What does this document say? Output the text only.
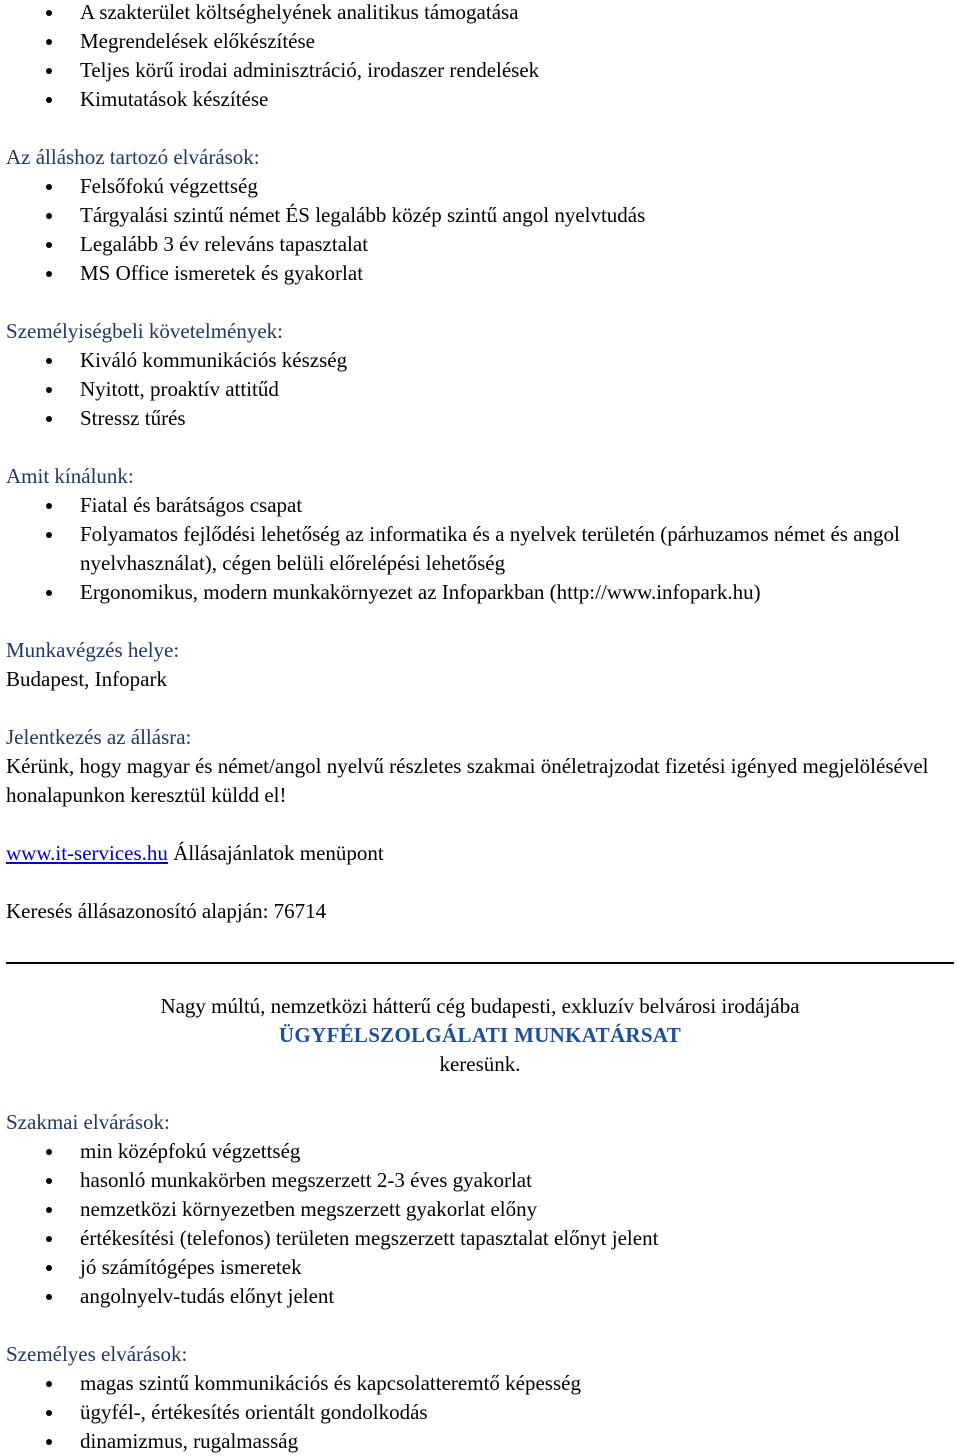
A szakterület költséghelyének analitikus támogatása
Megrendelések előkészítése
Teljes körű irodai adminisztráció, irodaszer rendelések
Kimutatások készítése
Az álláshoz tartozó elvárások:
Felsőfokú végzettség
Tárgyalási szintű német ÉS legalább közép szintű angol nyelvtudás
Legalább 3 év releváns tapasztalat
MS Office ismeretek és gyakorlat
Személyiségbeli követelmények:
Kiváló kommunikációs készség
Nyitott, proaktív attitűd
Stressz tűrés
Amit kínálunk:
Fiatal és barátságos csapat
Folyamatos fejlődési lehetőség az informatika és a nyelvek területén (párhuzamos német és angol nyelvhasználat), cégen belüli előrelépési lehetőség
Ergonomikus, modern munkakörnyezet az Infoparkban (http://www.infopark.hu)
Munkavégzés helye:
Budapest, Infopark
Jelentkezés az állásra:
Kérünk, hogy magyar és német/angol nyelvű részletes szakmai önéletrajzodat fizetési igényed megjelölésével honalapunkon keresztül küldd el!
www.it-services.hu Állásajánlatok menüpont
Keresés állásazonosító alapján: 76714
Nagy múltú, nemzetközi hátterű cég budapesti, exkluzív belvárosi irodájába
ÜGYFÉLSZOLGÁLATI MUNKATÁRSAT
keresünk.
Szakmai elvárások:
min középfokú végzettség
hasonló munkakörben megszerzett 2-3 éves gyakorlat
nemzetközi környezetben megszerzett gyakorlat előny
értékesítési (telefonos) területen megszerzett tapasztalat előnyt jelent
jó számítógépes ismeretek
angolnyelv-tudás előnyt jelent
Személyes elvárások:
magas szintű kommunikációs és kapcsolatteremtő képesség
ügyfél-, értékesítés orientált gondolkodás
dinamizmus, rugalmasság
